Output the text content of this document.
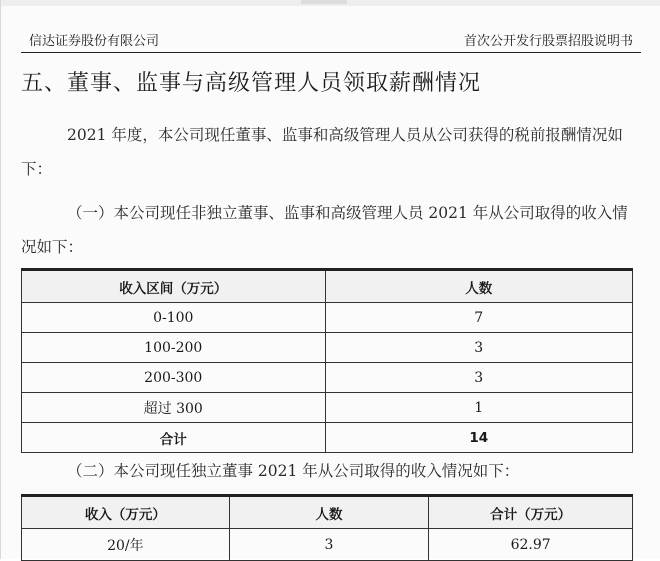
信达证券股份有限公司	首次公开发行股票招股说明书
五、董事、监事与高级管理人员领取薪酬情况
2021 年度，本公司现任董事、监事和高级管理人员从公司获得的税前报酬情况如下：
（一）本公司现任非独立董事、监事和高级管理人员 2021 年从公司取得的收入情况如下：
收入区间（万元）	人数
0-100	7
100-200	3
200-300	3
超过 300	1
合计	14
（二）本公司现任独立董事 2021 年从公司取得的收入情况如下：
收入（万元）	人数	合计（万元）
20/年	3	62.97
